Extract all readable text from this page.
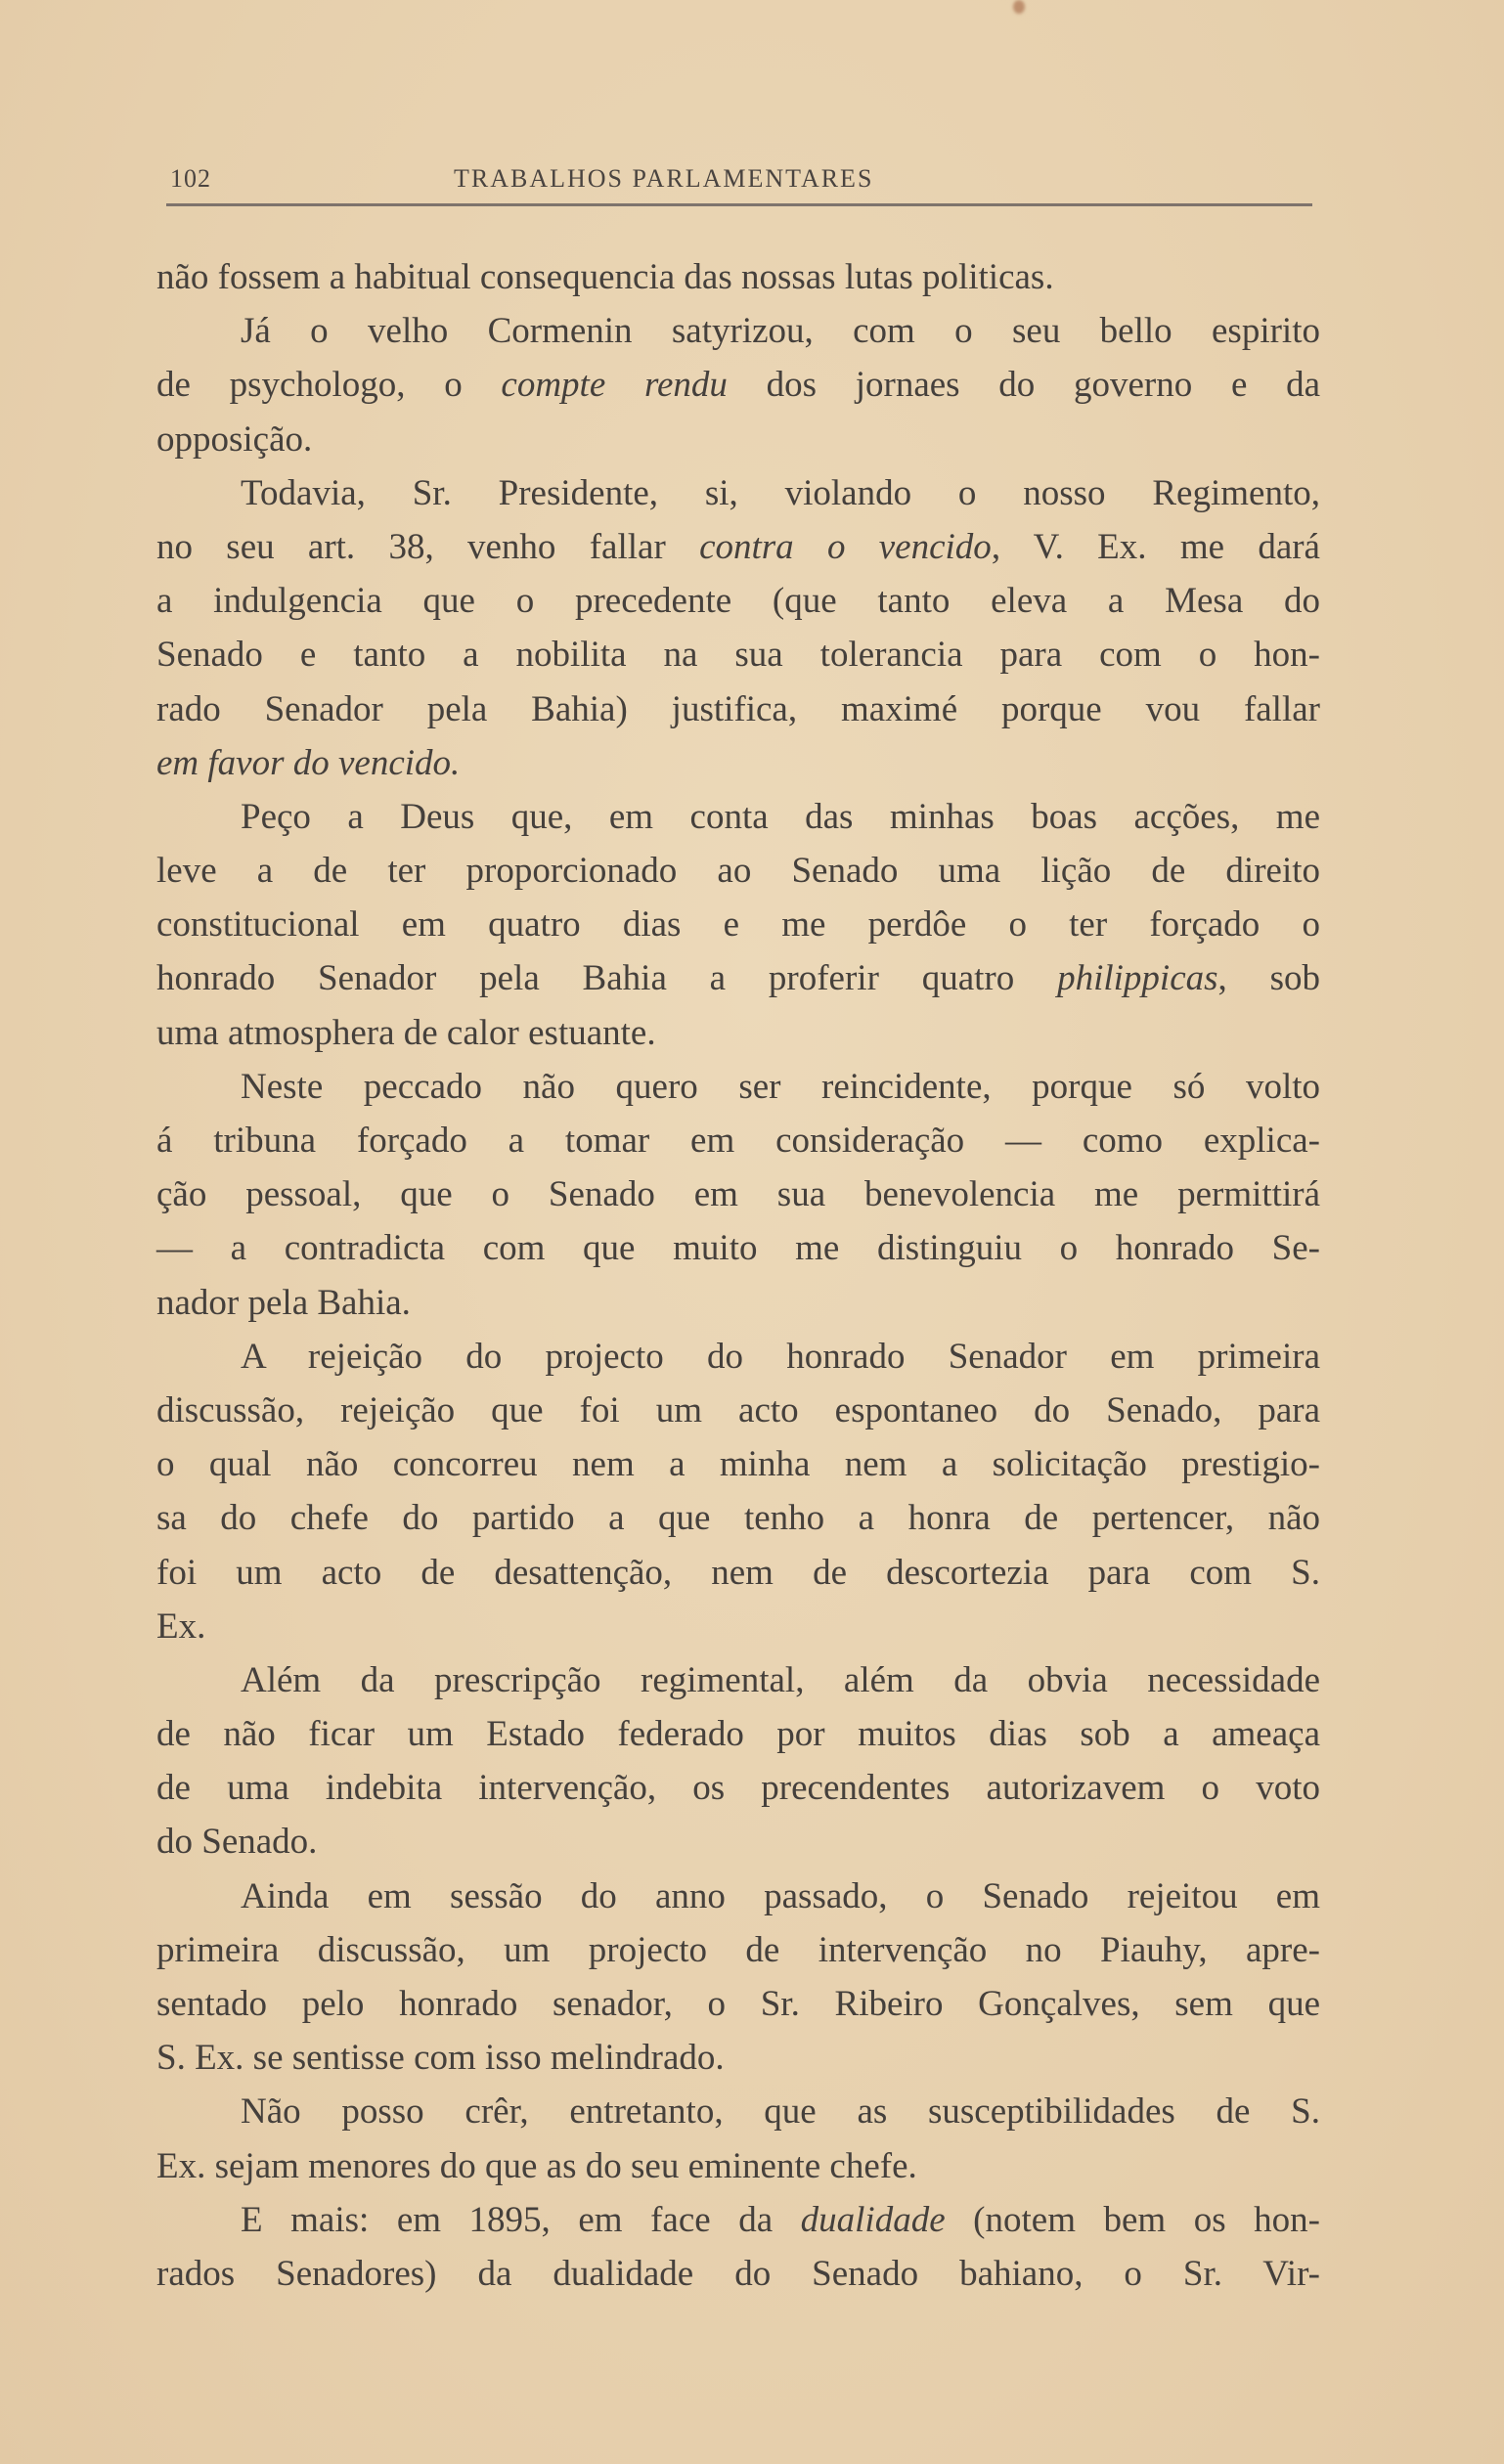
102	TRABALHOS PARLAMENTARES
não fossem a habitual consequencia das nossas lutas politicas.
Já o velho Cormenin satyrizou, com o seu bello espirito
de psychologo, o compte rendu dos jornaes do governo e da
opposição.
Todavia, Sr. Presidente, si, violando o nosso Regimento,
no seu art. 38, venho fallar contra o vencido, V. Ex. me dará
a indulgencia que o precedente (que tanto eleva a Mesa do
Senado e tanto a nobilita na sua tolerancia para com o hon-
rado Senador pela Bahia) justifica, maximé porque vou fallar
em favor do vencido.
Peço a Deus que, em conta das minhas boas acções, me
leve a de ter proporcionado ao Senado uma lição de direito
constitucional em quatro dias e me perdôe o ter forçado o
honrado Senador pela Bahia a proferir quatro philippicas, sob
uma atmosphera de calor estuante.
Neste peccado não quero ser reincidente, porque só volto
á tribuna forçado a tomar em consideração — como explica-
ção pessoal, que o Senado em sua benevolencia me permittirá
— a contradicta com que muito me distinguiu o honrado Se-
nador pela Bahia.
A rejeição do projecto do honrado Senador em primeira
discussão, rejeição que foi um acto espontaneo do Senado, para
o qual não concorreu nem a minha nem a solicitação prestigio-
sa do chefe do partido a que tenho a honra de pertencer, não
foi um acto de desattenção, nem de descortezia para com S.
Ex.
Além da prescripção regimental, além da obvia necessidade
de não ficar um Estado federado por muitos dias sob a ameaça
de uma indebita intervenção, os precendentes autorizavem o voto
do Senado.
Ainda em sessão do anno passado, o Senado rejeitou em
primeira discussão, um projecto de intervenção no Piauhy, apre-
sentado pelo honrado senador, o Sr. Ribeiro Gonçalves, sem que
S. Ex. se sentisse com isso melindrado.
Não posso crêr, entretanto, que as susceptibilidades de S.
Ex. sejam menores do que as do seu eminente chefe.
E mais: em 1895, em face da dualidade (notem bem os hon-
rados Senadores) da dualidade do Senado bahiano, o Sr. Vir-
